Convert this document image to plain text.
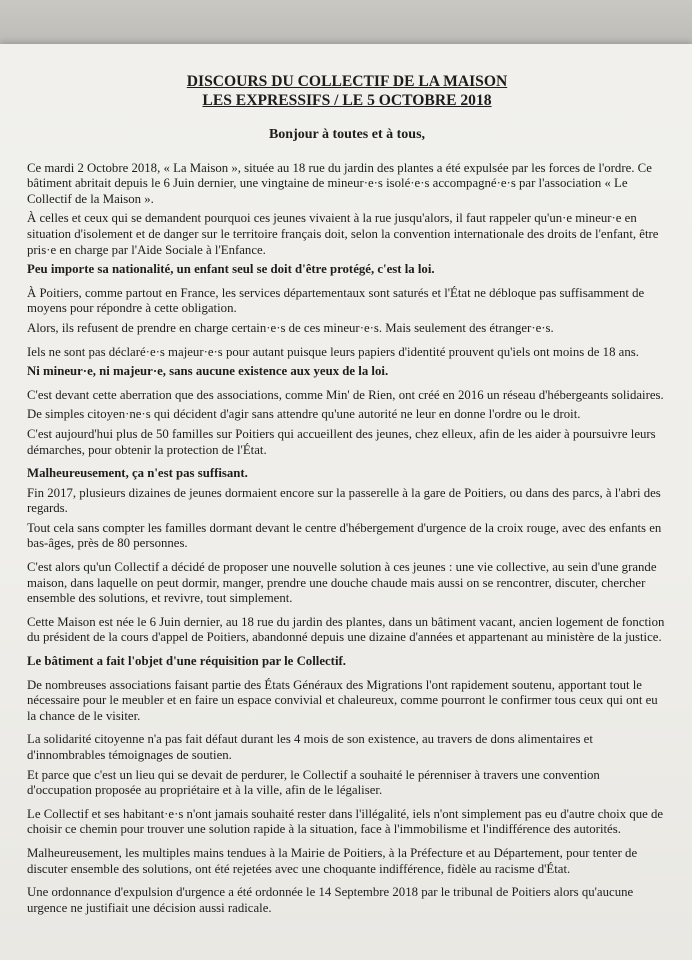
DISCOURS DU COLLECTIF DE LA MAISON
LES EXPRESSIFS / LE 5 OCTOBRE 2018
Bonjour à toutes et à tous,

Ce mardi 2 Octobre 2018, « La Maison », située au 18 rue du jardin des plantes a été expulsée par les forces de l'ordre. Ce bâtiment abritait depuis le 6 Juin dernier, une vingtaine de mineur·e·s isolé·e·s accompagné·e·s par l'association « Le Collectif de la Maison ».

À celles et ceux qui se demandent pourquoi ces jeunes vivaient à la rue jusqu'alors, il faut rappeler qu'un·e mineur·e en situation d'isolement et de danger sur le territoire français doit, selon la convention internationale des droits de l'enfant, être pris·e en charge par l'Aide Sociale à l'Enfance.

Peu importe sa nationalité, un enfant seul se doit d'être protégé, c'est la loi.

À Poitiers, comme partout en France, les services départementaux sont saturés et l'État ne débloque pas suffisamment de moyens pour répondre à cette obligation.

Alors, ils refusent de prendre en charge certain·e·s de ces mineur·e·s. Mais seulement des étranger·e·s.

Iels ne sont pas déclaré·e·s majeur·e·s pour autant puisque leurs papiers d'identité prouvent qu'iels ont moins de 18 ans.

Ni mineur·e, ni majeur·e, sans aucune existence aux yeux de la loi.

C'est devant cette aberration que des associations, comme Min' de Rien, ont créé en 2016 un réseau d'hébergeants solidaires.

De simples citoyen·ne·s qui décident d'agir sans attendre qu'une autorité ne leur en donne l'ordre ou le droit.

C'est aujourd'hui plus de 50 familles sur Poitiers qui accueillent des jeunes, chez elleux, afin de les aider à poursuivre leurs démarches, pour obtenir la protection de l'État.

Malheureusement, ça n'est pas suffisant.

Fin 2017, plusieurs dizaines de jeunes dormaient encore sur la passerelle à la gare de Poitiers, ou dans des parcs, à l'abri des regards.

Tout cela sans compter les familles dormant devant le centre d'hébergement d'urgence de la croix rouge, avec des enfants en bas-âges, près de 80 personnes.

C'est alors qu'un Collectif a décidé de proposer une nouvelle solution à ces jeunes : une vie collective, au sein d'une grande maison, dans laquelle on peut dormir, manger, prendre une douche chaude mais aussi on se rencontrer, discuter, chercher ensemble des solutions, et revivre, tout simplement.

Cette Maison est née le 6 Juin dernier, au 18 rue du jardin des plantes, dans un bâtiment vacant, ancien logement de fonction du président de la cours d'appel de Poitiers, abandonné depuis une dizaine d'années et appartenant au ministère de la justice.

Le bâtiment a fait l'objet d'une réquisition par le Collectif.

De nombreuses associations faisant partie des États Généraux des Migrations l'ont rapidement soutenu, apportant tout le nécessaire pour le meubler et en faire un espace convivial et chaleureux, comme pourront le confirmer tous ceux qui ont eu la chance de le visiter.

La solidarité citoyenne n'a pas fait défaut durant les 4 mois de son existence, au travers de dons alimentaires et d'innombrables témoignages de soutien.

Et parce que c'est un lieu qui se devait de perdurer, le Collectif a souhaité le pérenniser à travers une convention d'occupation proposée au propriétaire et à la ville, afin de le légaliser.

Le Collectif et ses habitant·e·s n'ont jamais souhaité rester dans l'illégalité, iels n'ont simplement pas eu d'autre choix que de choisir ce chemin pour trouver une solution rapide à la situation, face à l'immobilisme et l'indifférence des autorités.

Malheureusement, les multiples mains tendues à la Mairie de Poitiers, à la Préfecture et au Département, pour tenter de discuter ensemble des solutions, ont été rejetées avec une choquante indifférence, fidèle au racisme d'État.

Une ordonnance d'expulsion d'urgence a été ordonnée le 14 Septembre 2018 par le tribunal de Poitiers alors qu'aucune urgence ne justifiait une décision aussi radicale.
